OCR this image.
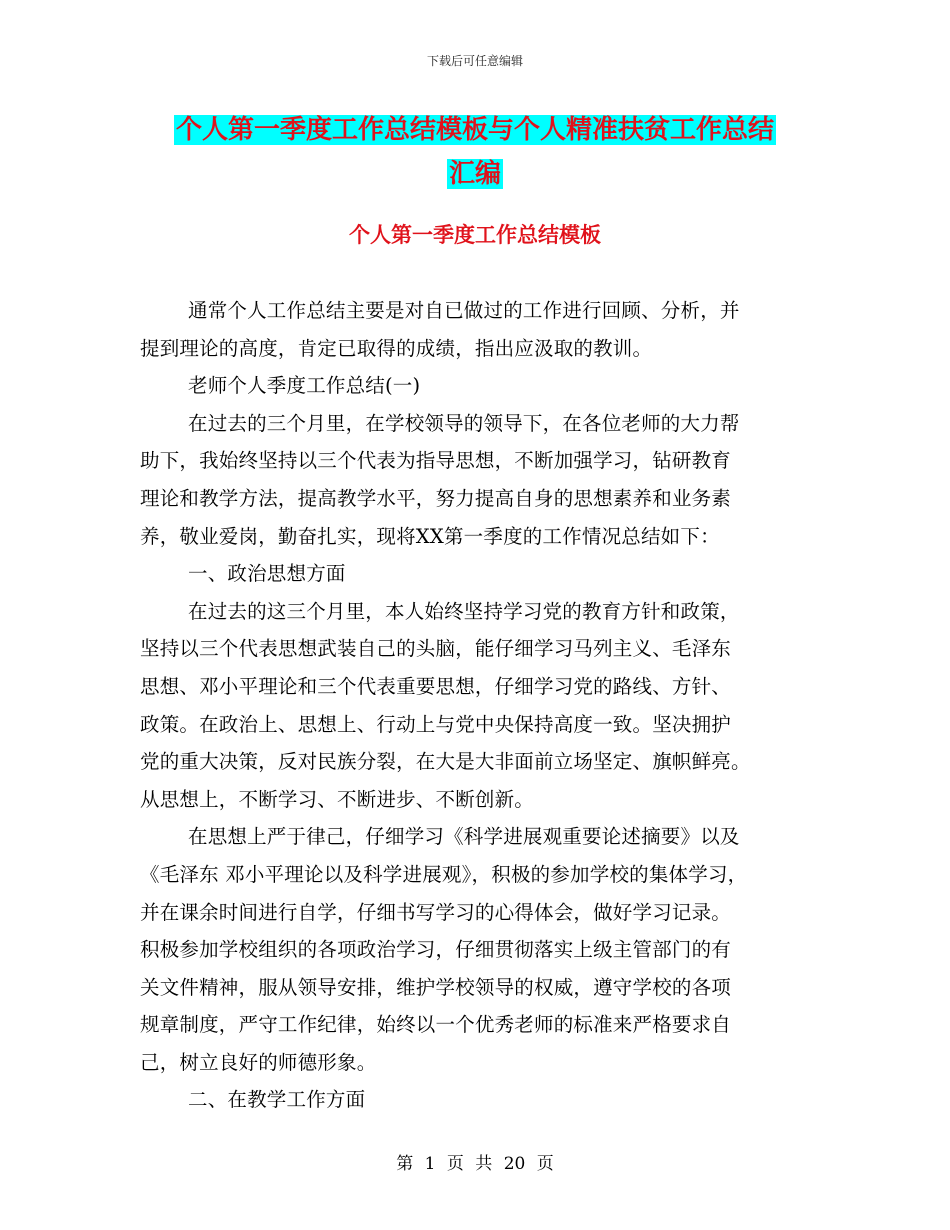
下载后可任意编辑
个人第一季度工作总结模板与个人精准扶贫工作总结
汇编
个人第一季度工作总结模板
通常个人工作总结主要是对自已做过的工作进行回顾、分析，并
提到理论的高度，肯定已取得的成绩，指出应汲取的教训。
老师个人季度工作总结(一)
在过去的三个月里，在学校领导的领导下，在各位老师的大力帮
助下，我始终坚持以三个代表为指导思想，不断加强学习，钻研教育
理论和教学方法，提高教学水平，努力提高自身的思想素养和业务素
养，敬业爱岗，勤奋扎实，现将XX第一季度的工作情况总结如下：
一、政治思想方面
在过去的这三个月里，本人始终坚持学习党的教育方针和政策，
坚持以三个代表思想武装自己的头脑，能仔细学习马列主义、毛泽东
思想、邓小平理论和三个代表重要思想，仔细学习党的路线、方针、
政策。在政治上、思想上、行动上与党中央保持高度一致。坚决拥护
党的重大决策，反对民族分裂，在大是大非面前立场坚定、旗帜鲜亮。
从思想上，不断学习、不断进步、不断创新。
在思想上严于律己，仔细学习《科学进展观重要论述摘要》以及
《毛泽东 邓小平理论以及科学进展观》，积极的参加学校的集体学习，
并在课余时间进行自学，仔细书写学习的心得体会，做好学习记录。
积极参加学校组织的各项政治学习，仔细贯彻落实上级主管部门的有
关文件精神，服从领导安排，维护学校领导的权威，遵守学校的各项
规章制度，严守工作纪律，始终以一个优秀老师的标准来严格要求自
己，树立良好的师德形象。
二、在教学工作方面
第 1 页 共 20 页
